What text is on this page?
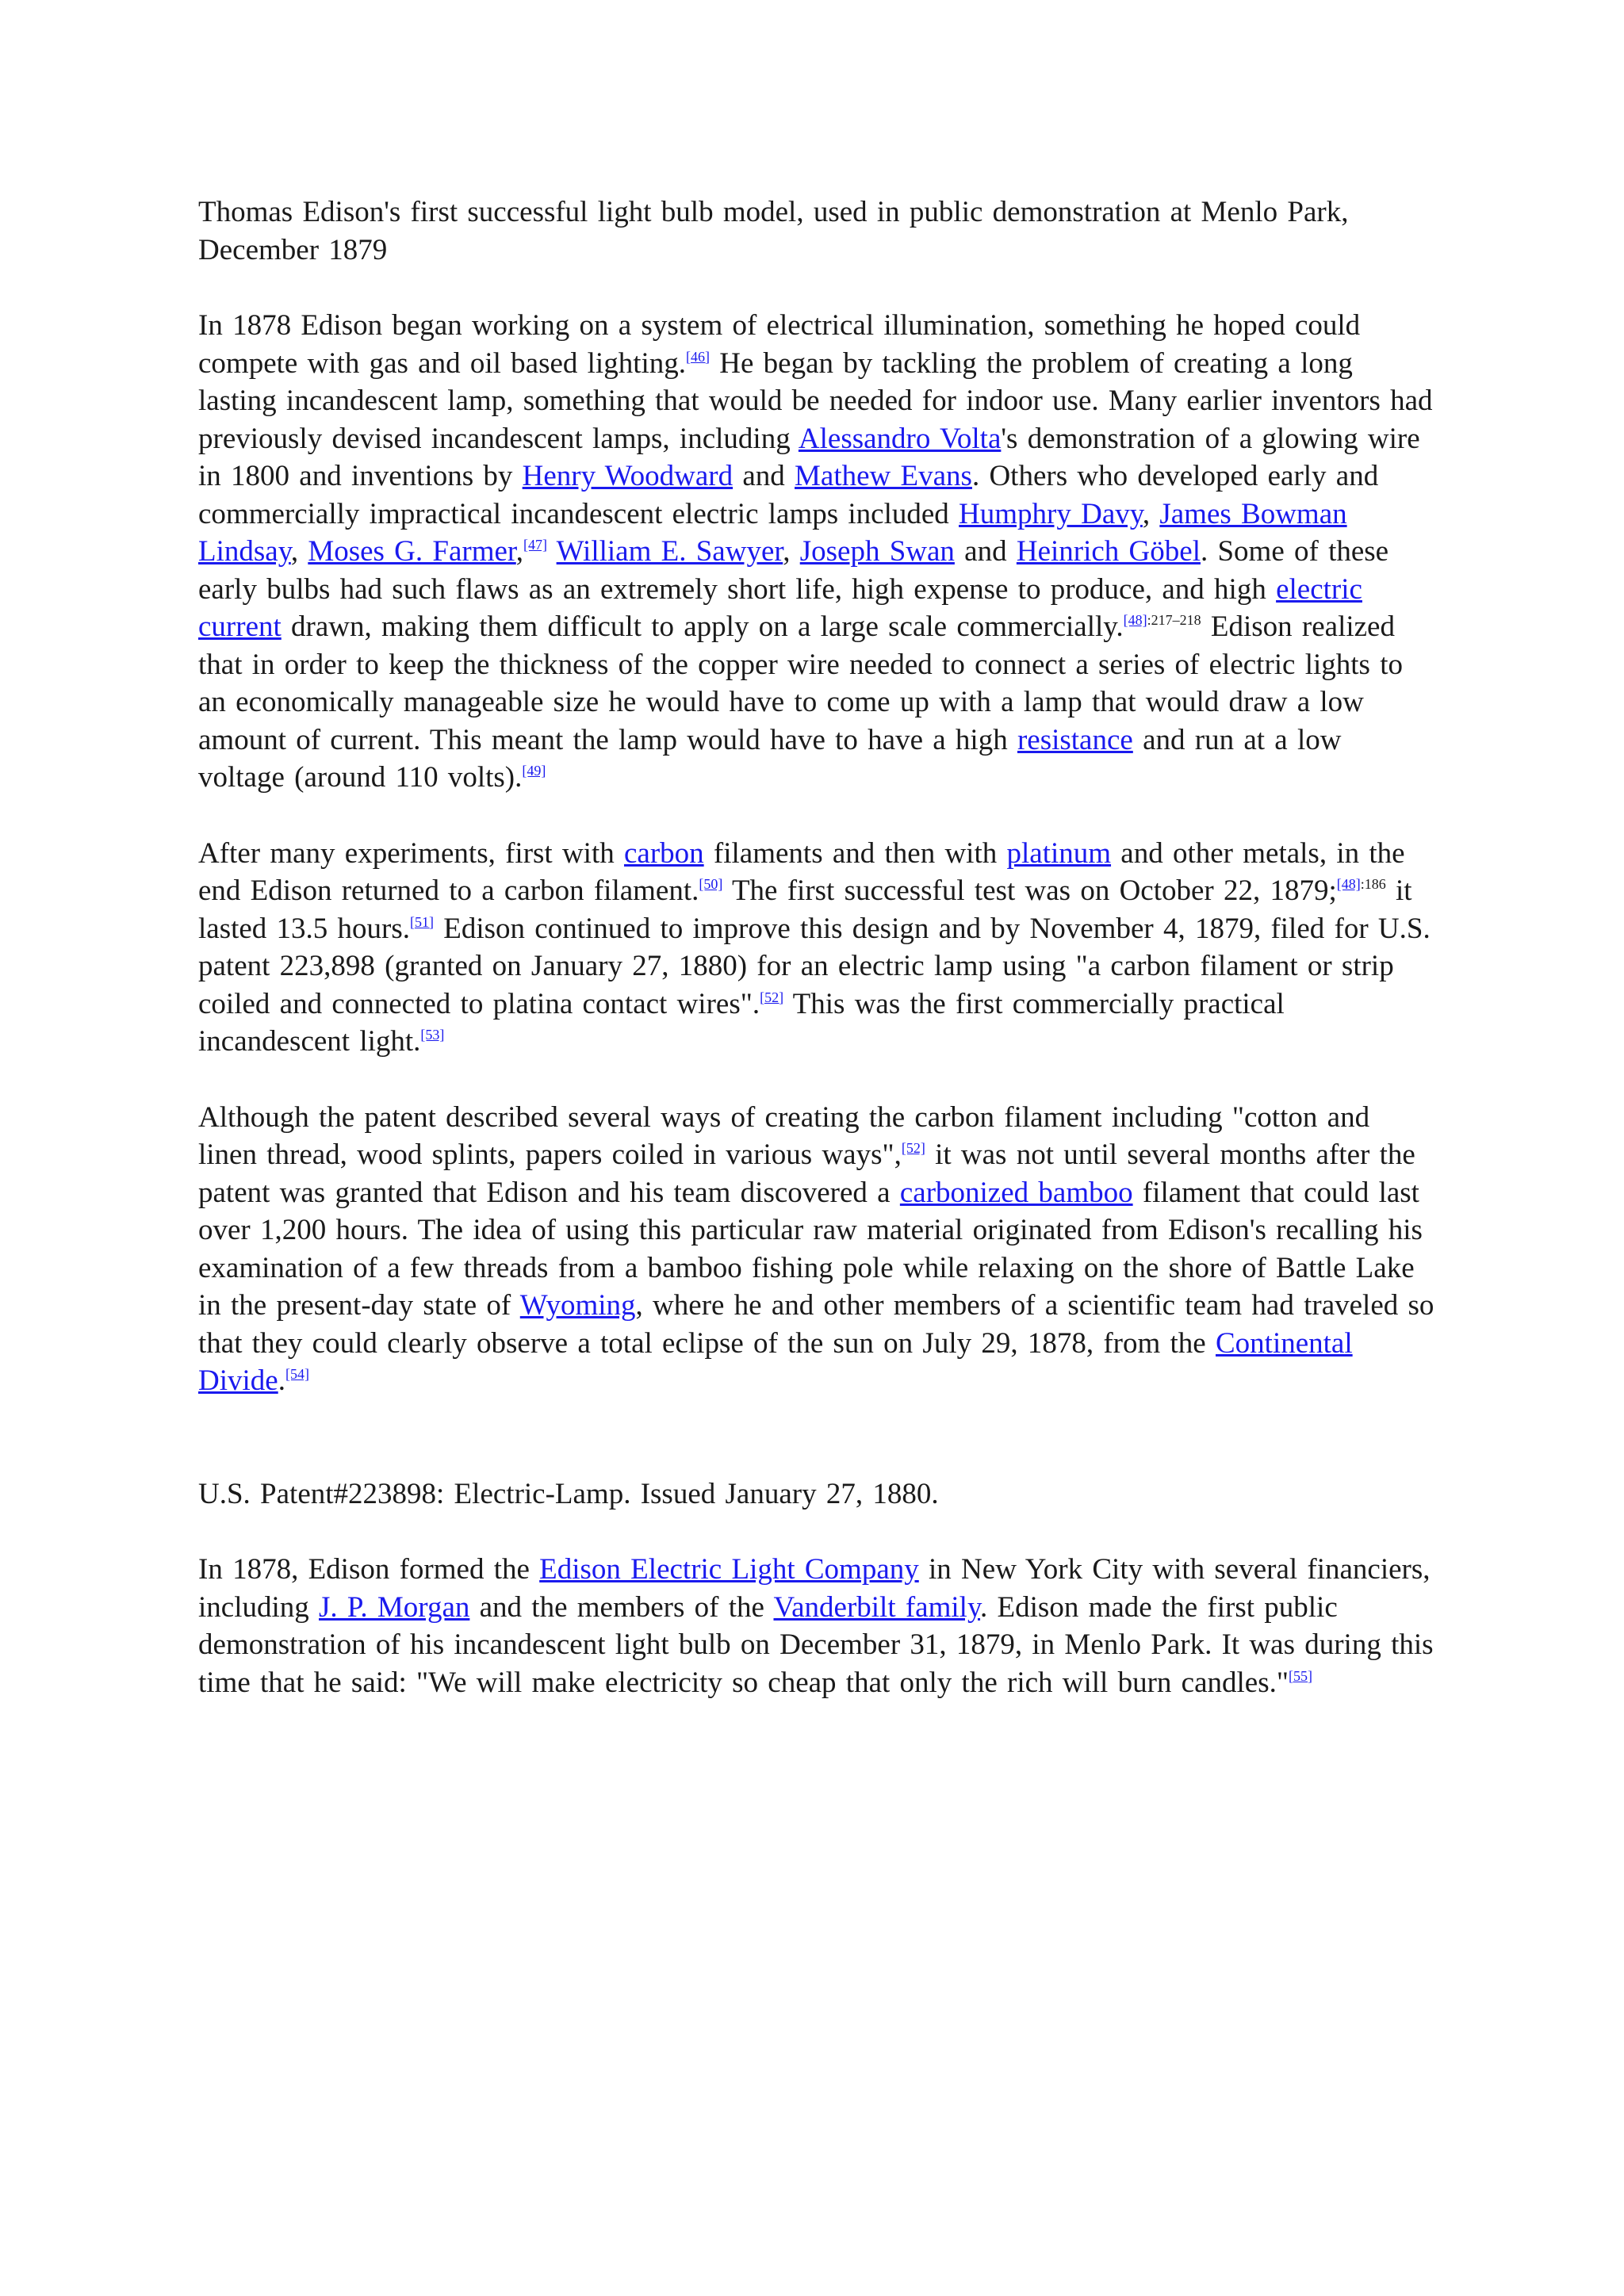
Thomas Edison's first successful light bulb model, used in public demonstration at Menlo Park, December 1879

In 1878 Edison began working on a system of electrical illumination, something he hoped could compete with gas and oil based lighting.[46] He began by tackling the problem of creating a long lasting incandescent lamp, something that would be needed for indoor use. Many earlier inventors had previously devised incandescent lamps, including Alessandro Volta's demonstration of a glowing wire in 1800 and inventions by Henry Woodward and Mathew Evans. Others who developed early and commercially impractical incandescent electric lamps included Humphry Davy, James Bowman Lindsay, Moses G. Farmer,[47] William E. Sawyer, Joseph Swan and Heinrich Göbel. Some of these early bulbs had such flaws as an extremely short life, high expense to produce, and high electric current drawn, making them difficult to apply on a large scale commercially.$^{[48]:217-218}$ Edison realized that in order to keep the thickness of the copper wire needed to connect a series of electric lights to an economically manageable size he would have to come up with a lamp that would draw a low amount of current. This meant the lamp would have to have a high resistance and run at a low voltage (around 110 volts).[49]

After many experiments, first with carbon filaments and then with platinum and other metals, in the end Edison returned to a carbon filament.[50] The first successful test was on October 22, 1879;$^{[48]:186}$ it lasted 13.5 hours.[51] Edison continued to improve this design and by November 4, 1879, filed for U.S. patent 223,898 (granted on January 27, 1880) for an electric lamp using "a carbon filament or strip coiled and connected to platina contact wires".[52] This was the first commercially practical incandescent light.[53]

Although the patent described several ways of creating the carbon filament including "cotton and linen thread, wood splints, papers coiled in various ways",[52] it was not until several months after the patent was granted that Edison and his team discovered a carbonized bamboo filament that could last over 1,200 hours. The idea of using this particular raw material originated from Edison's recalling his examination of a few threads from a bamboo fishing pole while relaxing on the shore of Battle Lake in the present-day state of Wyoming, where he and other members of a scientific team had traveled so that they could clearly observe a total eclipse of the sun on July 29, 1878, from the Continental Divide.[54]

U.S. Patent#223898: Electric-Lamp. Issued January 27, 1880.

In 1878, Edison formed the Edison Electric Light Company in New York City with several financiers, including J. P. Morgan and the members of the Vanderbilt family. Edison made the first public demonstration of his incandescent light bulb on December 31, 1879, in Menlo Park. It was during this time that he said: "We will make electricity so cheap that only the rich will burn candles."[55]
